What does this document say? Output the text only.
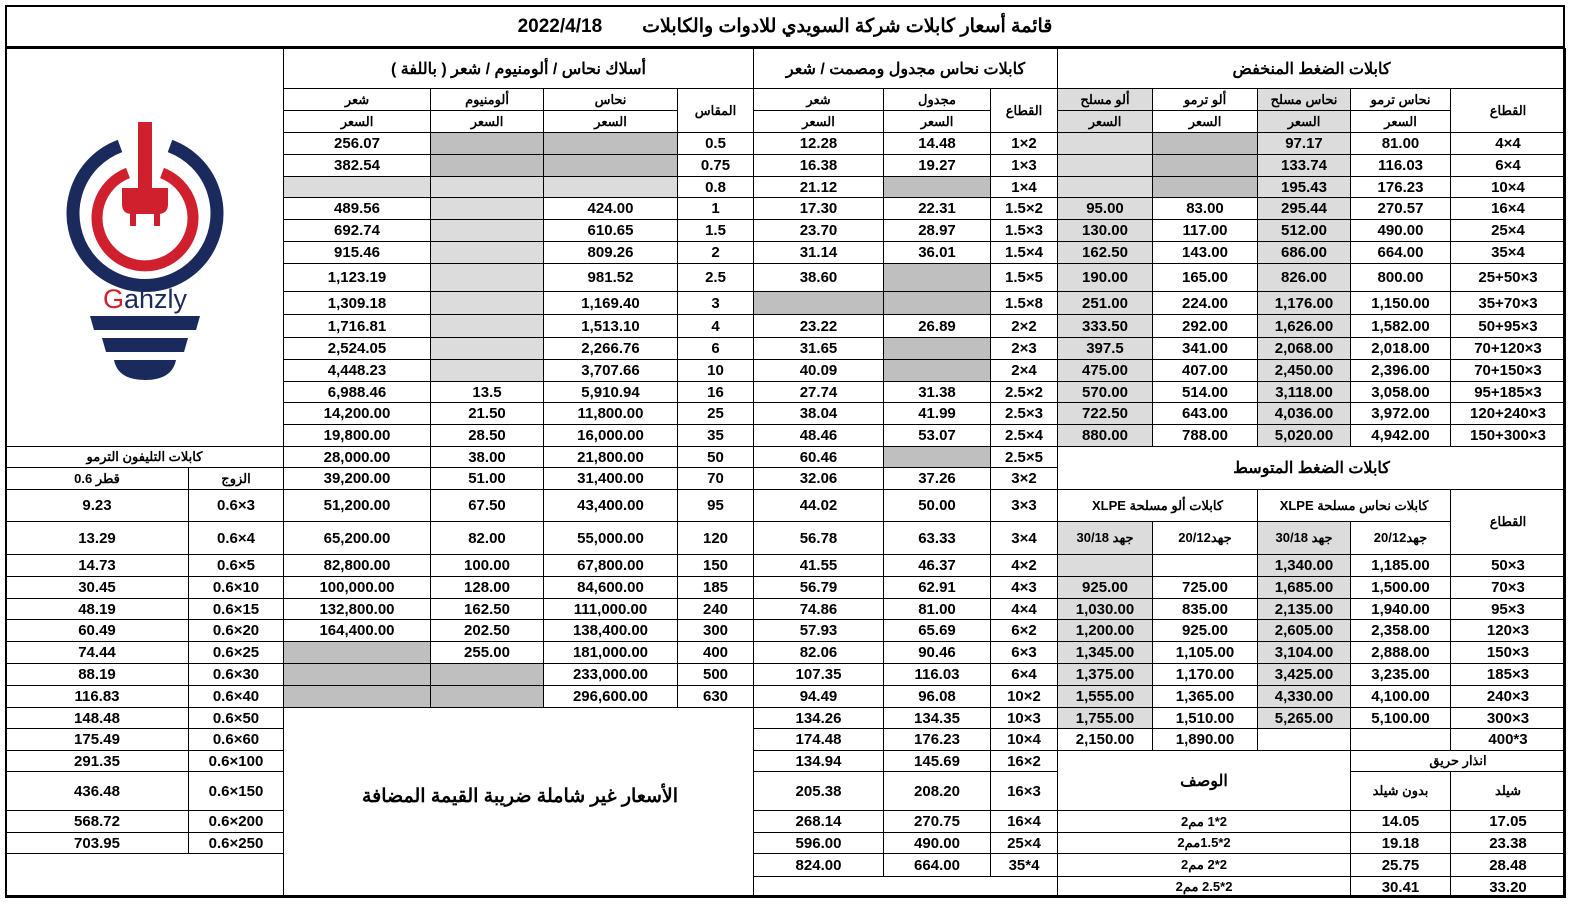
2022/4/18 قائمة أسعار كابلات شركة السويدي للادوات والكابلات
Gahzly
أسلاك نحاس / ألومنيوم / شعر ( باللفة )
المقاس
شعر
السعر
ألومنيوم
السعر
نحاس
السعر
0.5
256.07
0.75
382.54
0.8
1
424.00
489.56
1.5
610.65
692.74
2
809.26
915.46
2.5
981.52
1,123.19
3
1,169.40
1,309.18
4
1,513.10
1,716.81
6
2,266.76
2,524.05
10
3,707.66
4,448.23
16
5,910.94
13.5
6,988.46
25
11,800.00
21.50
14,200.00
35
16,000.00
28.50
19,800.00
50
21,800.00
38.00
28,000.00
70
31,400.00
51.00
39,200.00
95
43,400.00
67.50
51,200.00
120
55,000.00
82.00
65,200.00
150
67,800.00
100.00
82,800.00
185
84,600.00
128.00
100,000.00
240
111,000.00
162.50
132,800.00
300
138,400.00
202.50
164,400.00
400
181,000.00
255.00
500
233,000.00
630
296,600.00
كابلات نحاس مجدول ومصمت / شعر
القطاع
مجدول
السعر
شعر
السعر
1×2
14.48
12.28
1×3
19.27
16.38
1×4
21.12
1.5×2
22.31
17.30
1.5×3
28.97
23.70
1.5×4
36.01
31.14
1.5×5
38.60
1.5×8
2×2
26.89
23.22
2×3
31.65
2×4
40.09
2.5×2
31.38
27.74
2.5×3
41.99
38.04
2.5×4
53.07
48.46
2.5×5
60.46
3×2
37.26
32.06
3×3
50.00
44.02
3×4
63.33
56.78
4×2
46.37
41.55
4×3
62.91
56.79
4×4
81.00
74.86
6×2
65.69
57.93
6×3
90.46
82.06
6×4
116.03
107.35
10×2
96.08
94.49
10×3
134.35
134.26
10×4
176.23
174.48
16×2
145.69
134.94
16×3
208.20
205.38
16×4
270.75
268.14
25×4
490.00
596.00
35*4
664.00
824.00
كابلات الضغط المنخفض
القطاع
نحاس ترمو
السعر
نحاس مسلح
السعر
ألو ترمو
السعر
ألو مسلح
السعر
4×4
81.00
97.17
6×4
116.03
133.74
10×4
176.23
195.43
16×4
270.57
295.44
83.00
95.00
25×4
490.00
512.00
117.00
130.00
35×4
664.00
686.00
143.00
162.50
25+50×3
800.00
826.00
165.00
190.00
35+70×3
1,150.00
1,176.00
224.00
251.00
50+95×3
1,582.00
1,626.00
292.00
333.50
70+120×3
2,018.00
2,068.00
341.00
397.5
70+150×3
2,396.00
2,450.00
407.00
475.00
95+185×3
3,058.00
3,118.00
514.00
570.00
120+240×3
3,972.00
4,036.00
643.00
722.50
150+300×3
4,942.00
5,020.00
788.00
880.00
كابلات الضغط المتوسط
القطاع
كابلات نحاس مسلحة XLPE
كابلات ألو مسلحة XLPE
جهد20/12
جهد 30/18
جهد20/12
جهد 30/18
50×3
1,185.00
1,340.00
70×3
1,500.00
1,685.00
725.00
925.00
95×3
1,940.00
2,135.00
835.00
1,030.00
120×3
2,358.00
2,605.00
925.00
1,200.00
150×3
2,888.00
3,104.00
1,105.00
1,345.00
185×3
3,235.00
3,425.00
1,170.00
1,375.00
240×3
4,100.00
4,330.00
1,365.00
1,555.00
300×3
5,100.00
5,265.00
1,510.00
1,755.00
400*3
1,890.00
2,150.00
انذار حريق
الوصف
شيلد
بدون شيلد
17.05
14.05
2*1 مم2
23.38
19.18
2*1.5مم2
28.48
25.75
2*2 مم2
33.20
30.41
2*2.5 مم2
كابلات التليفون الترمو
الزوج
قطر 0.6
0.6×3
9.23
0.6×4
13.29
0.6×5
14.73
0.6×10
30.45
0.6×15
48.19
0.6×20
60.49
0.6×25
74.44
0.6×30
88.19
0.6×40
116.83
0.6×50
148.48
0.6×60
175.49
0.6×100
291.35
0.6×150
436.48
0.6×200
568.72
0.6×250
703.95
الأسعار غير شاملة ضريبة القيمة المضافة
